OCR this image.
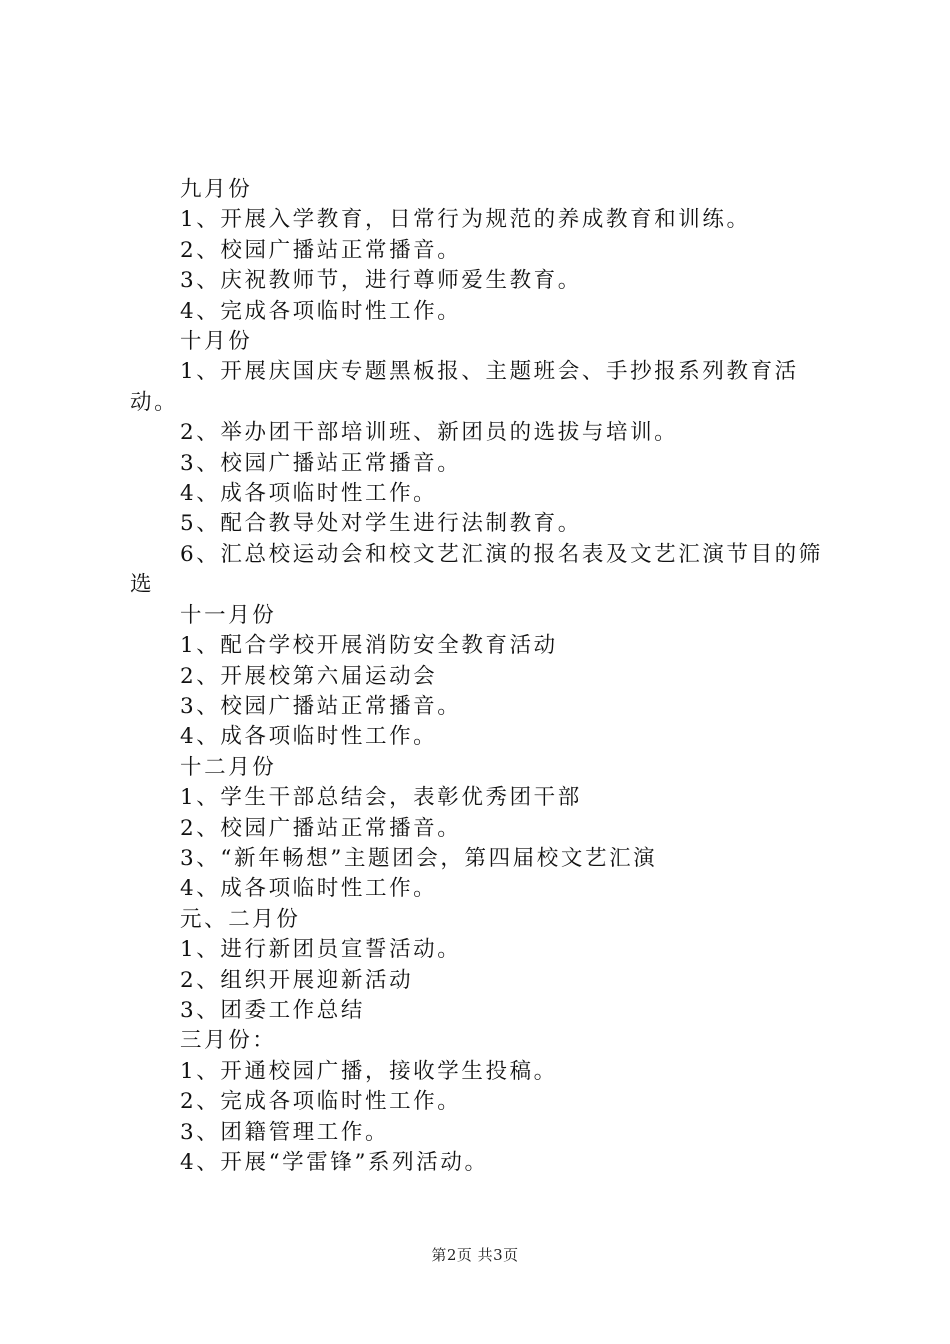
九月份
1、开展入学教育，日常行为规范的养成教育和训练。
2、校园广播站正常播音。
3、庆祝教师节，进行尊师爱生教育。
4、完成各项临时性工作。
十月份
1、开展庆国庆专题黑板报、主题班会、手抄报系列教育活动。
2、举办团干部培训班、新团员的选拔与培训。
3、校园广播站正常播音。
4、成各项临时性工作。
5、配合教导处对学生进行法制教育。
6、汇总校运动会和校文艺汇演的报名表及文艺汇演节目的筛选
十一月份
1、配合学校开展消防安全教育活动
2、开展校第六届运动会
3、校园广播站正常播音。
4、成各项临时性工作。
十二月份
1、学生干部总结会，表彰优秀团干部
2、校园广播站正常播音。
3、“新年畅想”主题团会，第四届校文艺汇演
4、成各项临时性工作。
元、二月份
1、进行新团员宣誓活动。
2、组织开展迎新活动
3、团委工作总结
三月份：
1、开通校园广播，接收学生投稿。
2、完成各项临时性工作。
3、团籍管理工作。
4、开展“学雷锋”系列活动。
第2页 共3页
